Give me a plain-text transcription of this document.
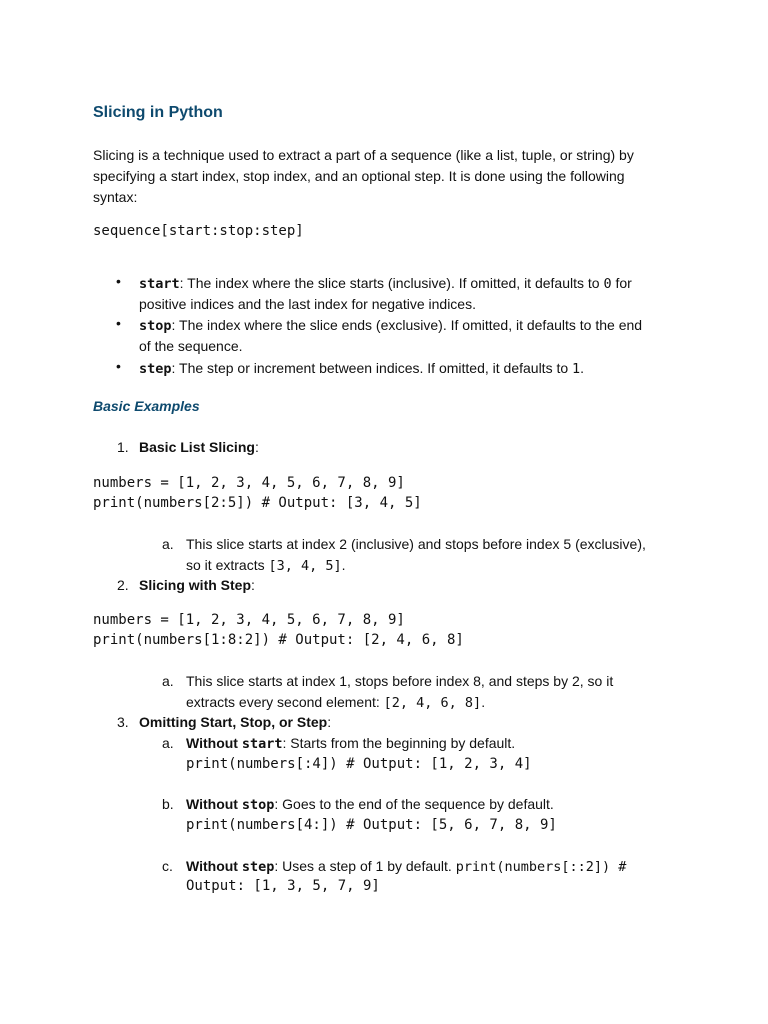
Slicing in Python
Slicing is a technique used to extract a part of a sequence (like a list, tuple, or string) by
specifying a start index, stop index, and an optional step. It is done using the following
syntax:
sequence[start:stop:step]
• start: The index where the slice starts (inclusive). If omitted, it defaults to 0 for
positive indices and the last index for negative indices.
• stop: The index where the slice ends (exclusive). If omitted, it defaults to the end
of the sequence.
• step: The step or increment between indices. If omitted, it defaults to 1.
Basic Examples
1. Basic List Slicing:
numbers = [1, 2, 3, 4, 5, 6, 7, 8, 9]
print(numbers[2:5]) # Output: [3, 4, 5]
a. This slice starts at index 2 (inclusive) and stops before index 5 (exclusive),
so it extracts [3, 4, 5].
2. Slicing with Step:
numbers = [1, 2, 3, 4, 5, 6, 7, 8, 9]
print(numbers[1:8:2]) # Output: [2, 4, 6, 8]
a. This slice starts at index 1, stops before index 8, and steps by 2, so it
extracts every second element: [2, 4, 6, 8].
3. Omitting Start, Stop, or Step:
a. Without start: Starts from the beginning by default.
print(numbers[:4]) # Output: [1, 2, 3, 4]
b. Without stop: Goes to the end of the sequence by default.
print(numbers[4:]) # Output: [5, 6, 7, 8, 9]
c. Without step: Uses a step of 1 by default. print(numbers[::2]) #
Output: [1, 3, 5, 7, 9]
